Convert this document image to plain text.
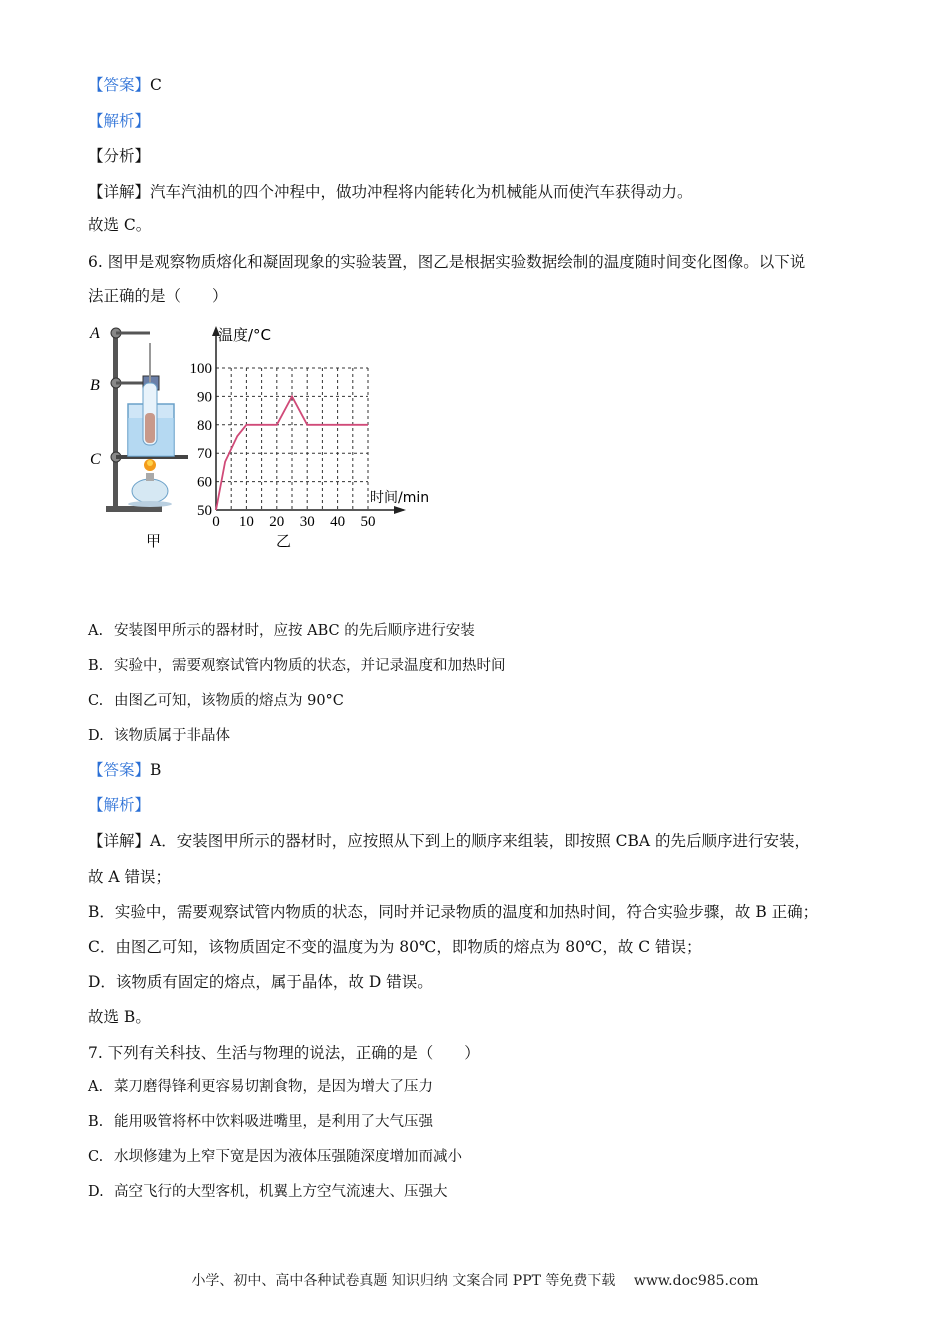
【答案】C
【解析】
【分析】
【详解】汽车汽油机的四个冲程中，做功冲程将内能转化为机械能从而使汽车获得动力。
故选 C。
6. 图甲是观察物质熔化和凝固现象的实验装置，图乙是根据实验数据绘制的温度随时间变化图像。以下说
法正确的是（　　）
A
B
C
温度/°C
时间/min
50
60
70
80
90
100
0 10 20 30 40 50
甲	乙
A. 安装图甲所示的器材时，应按 ABC 的先后顺序进行安装
B. 实验中，需要观察试管内物质的状态，并记录温度和加热时间
C. 由图乙可知，该物质的熔点为 90°C
D. 该物质属于非晶体
【答案】B
【解析】
【详解】A．安装图甲所示的器材时，应按照从下到上的顺序来组装，即按照 CBA 的先后顺序进行安装，
故 A 错误；
B．实验中，需要观察试管内物质的状态，同时并记录物质的温度和加热时间，符合实验步骤，故 B 正确；
C．由图乙可知，该物质固定不变的温度为为 80℃，即物质的熔点为 80℃，故 C 错误；
D．该物质有固定的熔点，属于晶体，故 D 错误。
故选 B。
7. 下列有关科技、生活与物理的说法，正确的是（　　）
A. 菜刀磨得锋利更容易切割食物，是因为增大了压力
B. 能用吸管将杯中饮料吸进嘴里，是利用了大气压强
C. 水坝修建为上窄下宽是因为液体压强随深度增加而减小
D. 高空飞行的大型客机，机翼上方空气流速大、压强大
小学、初中、高中各种试卷真题 知识归纳 文案合同 PPT 等免费下载　 www.doc985.com
